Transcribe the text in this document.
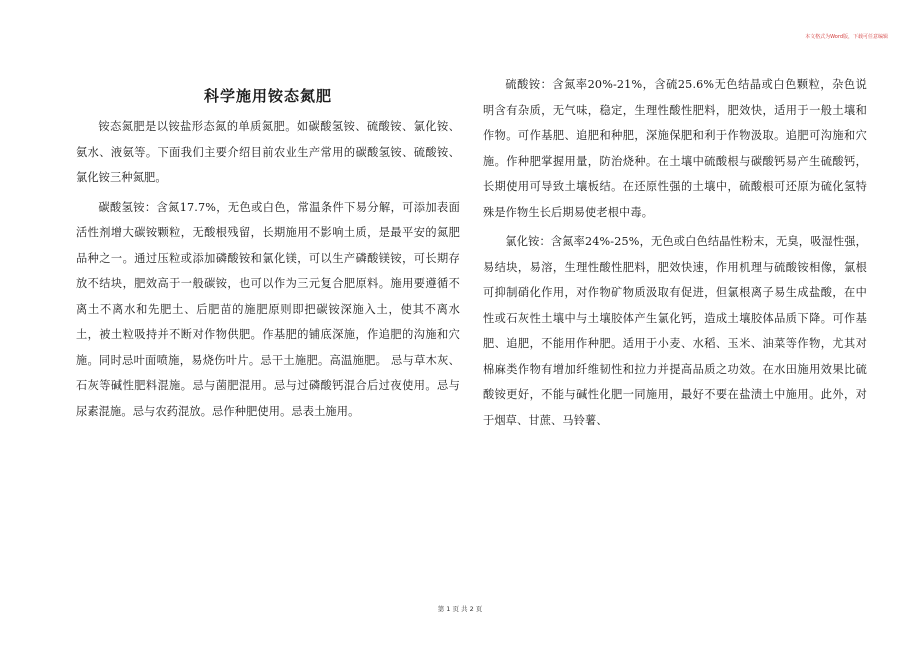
本文格式为Word版，下载可任意编辑
科学施用铵态氮肥

铵态氮肥是以铵盐形态氮的单质氮肥。如碳酸氢铵、硫酸铵、氯化铵、氨水、液氨等。下面我们主要介绍目前农业生产常用的碳酸氢铵、硫酸铵、氯化铵三种氮肥。

碳酸氢铵：含氮17.7%，无色或白色，常温条件下易分解，可添加表面活性剂增大碳铵颗粒，无酸根残留，长期施用不影响土质，是最平安的氮肥品种之一。通过压粒或添加磷酸铵和氯化镁，可以生产磷酸镁铵，可长期存放不结块，肥效高于一般碳铵，也可以作为三元复合肥原料。施用要遵循不离土不离水和先肥土、后肥苗的施肥原则即把碳铵深施入土，使其不离水土，被土粒吸持并不断对作物供肥。作基肥的铺底深施，作追肥的沟施和穴施。同时忌叶面喷施，易烧伤叶片。忌干土施肥。高温施肥。 忌与草木灰、石灰等碱性肥料混施。忌与菌肥混用。忌与过磷酸钙混合后过夜使用。忌与尿素混施。忌与农药混放。忌作种肥使用。忌表土施用。

硫酸铵：含氮率20%-21%，含硫25.6%无色结晶或白色颗粒，杂色说明含有杂质，无气味，稳定，生理性酸性肥料，肥效快，适用于一般土壤和作物。可作基肥、追肥和种肥，深施保肥和利于作物汲取。追肥可沟施和穴施。作种肥掌握用量，防治烧种。在土壤中硫酸根与碳酸钙易产生硫酸钙，长期使用可导致土壤板结。在还原性强的土壤中，硫酸根可还原为硫化氢特殊是作物生长后期易使老根中毒。

氯化铵：含氮率24%-25%，无色或白色结晶性粉末，无臭，吸湿性强，易结块，易溶，生理性酸性肥料，肥效快速，作用机理与硫酸铵相像，氯根可抑制硝化作用，对作物矿物质汲取有促进，但氯根离子易生成盐酸，在中性或石灰性土壤中与土壤胶体产生氯化钙，造成土壤胶体品质下降。可作基肥、追肥，不能用作种肥。适用于小麦、水稻、玉米、油菜等作物，尤其对棉麻类作物有增加纤维韧性和拉力并提高品质之功效。在水田施用效果比硫酸铵更好，不能与碱性化肥一同施用，最好不要在盐渍土中施用。此外，对于烟草、甘蔗、马铃薯、

第 1 页 共 2 页
